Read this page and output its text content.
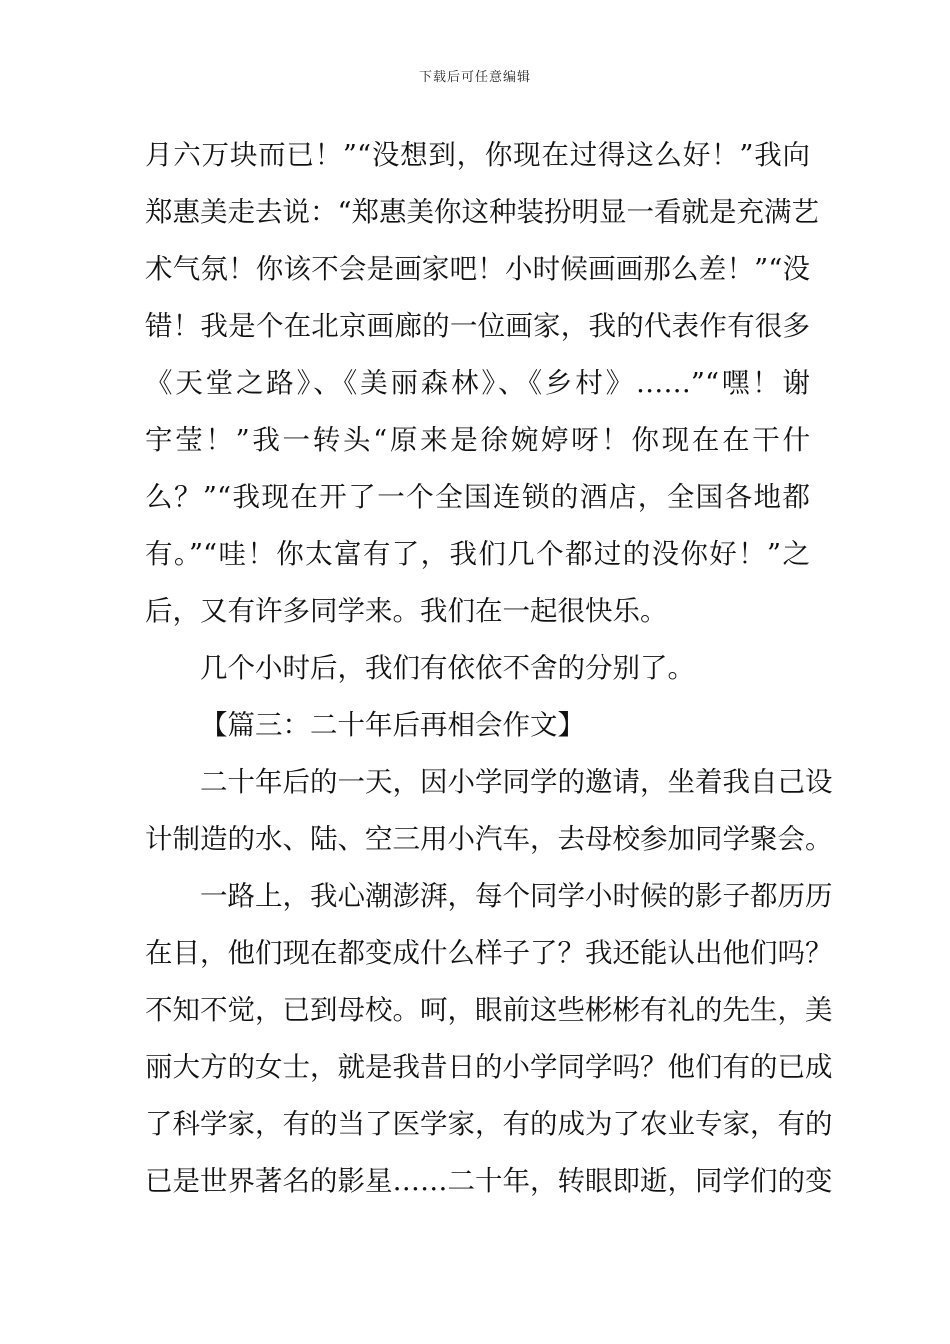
下载后可任意编辑
月六万块而已！”“没想到，你现在过得这么好！”我向
郑惠美走去说：“郑惠美你这种装扮明显一看就是充满艺
术气氛！你该不会是画家吧！小时候画画那么差！”“没
错！我是个在北京画廊的一位画家，我的代表作有很多
《天堂之路》、《美丽森林》、《乡村》……”“嘿！谢
宇莹！”我一转头“原来是徐婉婷呀！你现在在干什
么？”“我现在开了一个全国连锁的酒店，全国各地都
有。”“哇！你太富有了，我们几个都过的没你好！”之
后，又有许多同学来。我们在一起很快乐。
几个小时后，我们有依依不舍的分别了。
【篇三：二十年后再相会作文】
二十年后的一天，因小学同学的邀请，坐着我自己设
计制造的水、陆、空三用小汽车，去母校参加同学聚会。
一路上，我心潮澎湃，每个同学小时候的影子都历历
在目，他们现在都变成什么样子了？我还能认出他们吗？
不知不觉，已到母校。呵，眼前这些彬彬有礼的先生，美
丽大方的女士，就是我昔日的小学同学吗？他们有的已成
了科学家，有的当了医学家，有的成为了农业专家，有的
已是世界著名的影星……二十年，转眼即逝，同学们的变
